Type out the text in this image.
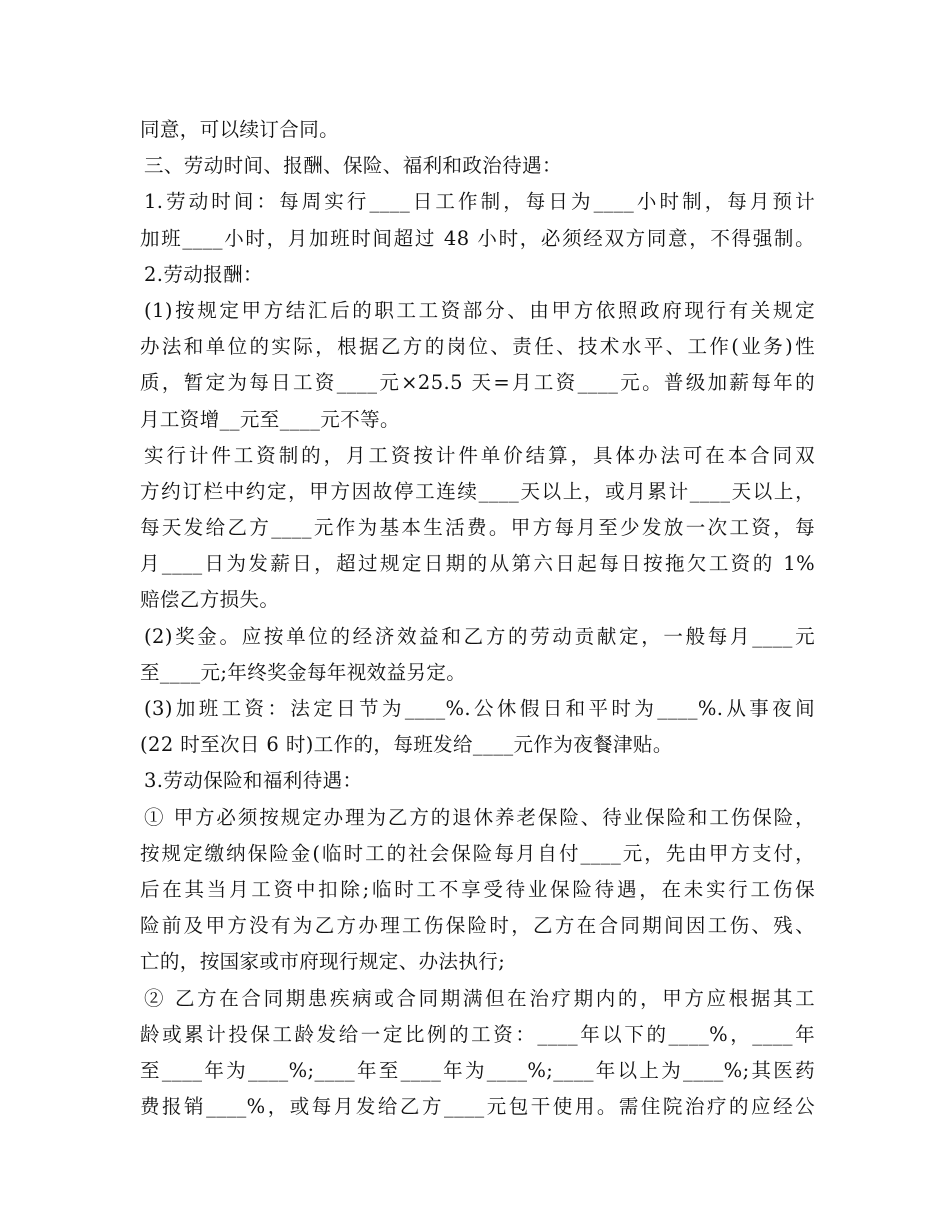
同意，可以续订合同。
三、劳动时间、报酬、保险、福利和政治待遇：
1.劳动时间：每周实行____日工作制，每日为____小时制，每月预计
加班____小时，月加班时间超过 48 小时，必须经双方同意，不得强制。
2.劳动报酬：
(1)按规定甲方结汇后的职工工资部分、由甲方依照政府现行有关规定
办法和单位的实际，根据乙方的岗位、责任、技术水平、工作(业务)性
质，暂定为每日工资____元×25.5 天=月工资____元。普级加薪每年的
月工资增__元至____元不等。
实行计件工资制的，月工资按计件单价结算，具体办法可在本合同双
方约订栏中约定，甲方因故停工连续____天以上，或月累计____天以上，
每天发给乙方____元作为基本生活费。甲方每月至少发放一次工资，每
月____日为发薪日，超过规定日期的从第六日起每日按拖欠工资的 1%
赔偿乙方损失。
(2)奖金。应按单位的经济效益和乙方的劳动贡献定，一般每月____元
至____元;年终奖金每年视效益另定。
(3)加班工资：法定日节为____%.公休假日和平时为____%.从事夜间
(22 时至次日 6 时)工作的，每班发给____元作为夜餐津贴。
3.劳动保险和福利待遇：
① 甲方必须按规定办理为乙方的退休养老保险、待业保险和工伤保险，
按规定缴纳保险金(临时工的社会保险每月自付____元，先由甲方支付，
后在其当月工资中扣除;临时工不享受待业保险待遇，在未实行工伤保
险前及甲方没有为乙方办理工伤保险时，乙方在合同期间因工伤、残、
亡的，按国家或市府现行规定、办法执行;
② 乙方在合同期患疾病或合同期满但在治疗期内的，甲方应根据其工
龄或累计投保工龄发给一定比例的工资：____年以下的____%，____年
至____年为____%;____年至____年为____%;____年以上为____%;其医药
费报销____%，或每月发给乙方____元包干使用。需住院治疗的应经公
